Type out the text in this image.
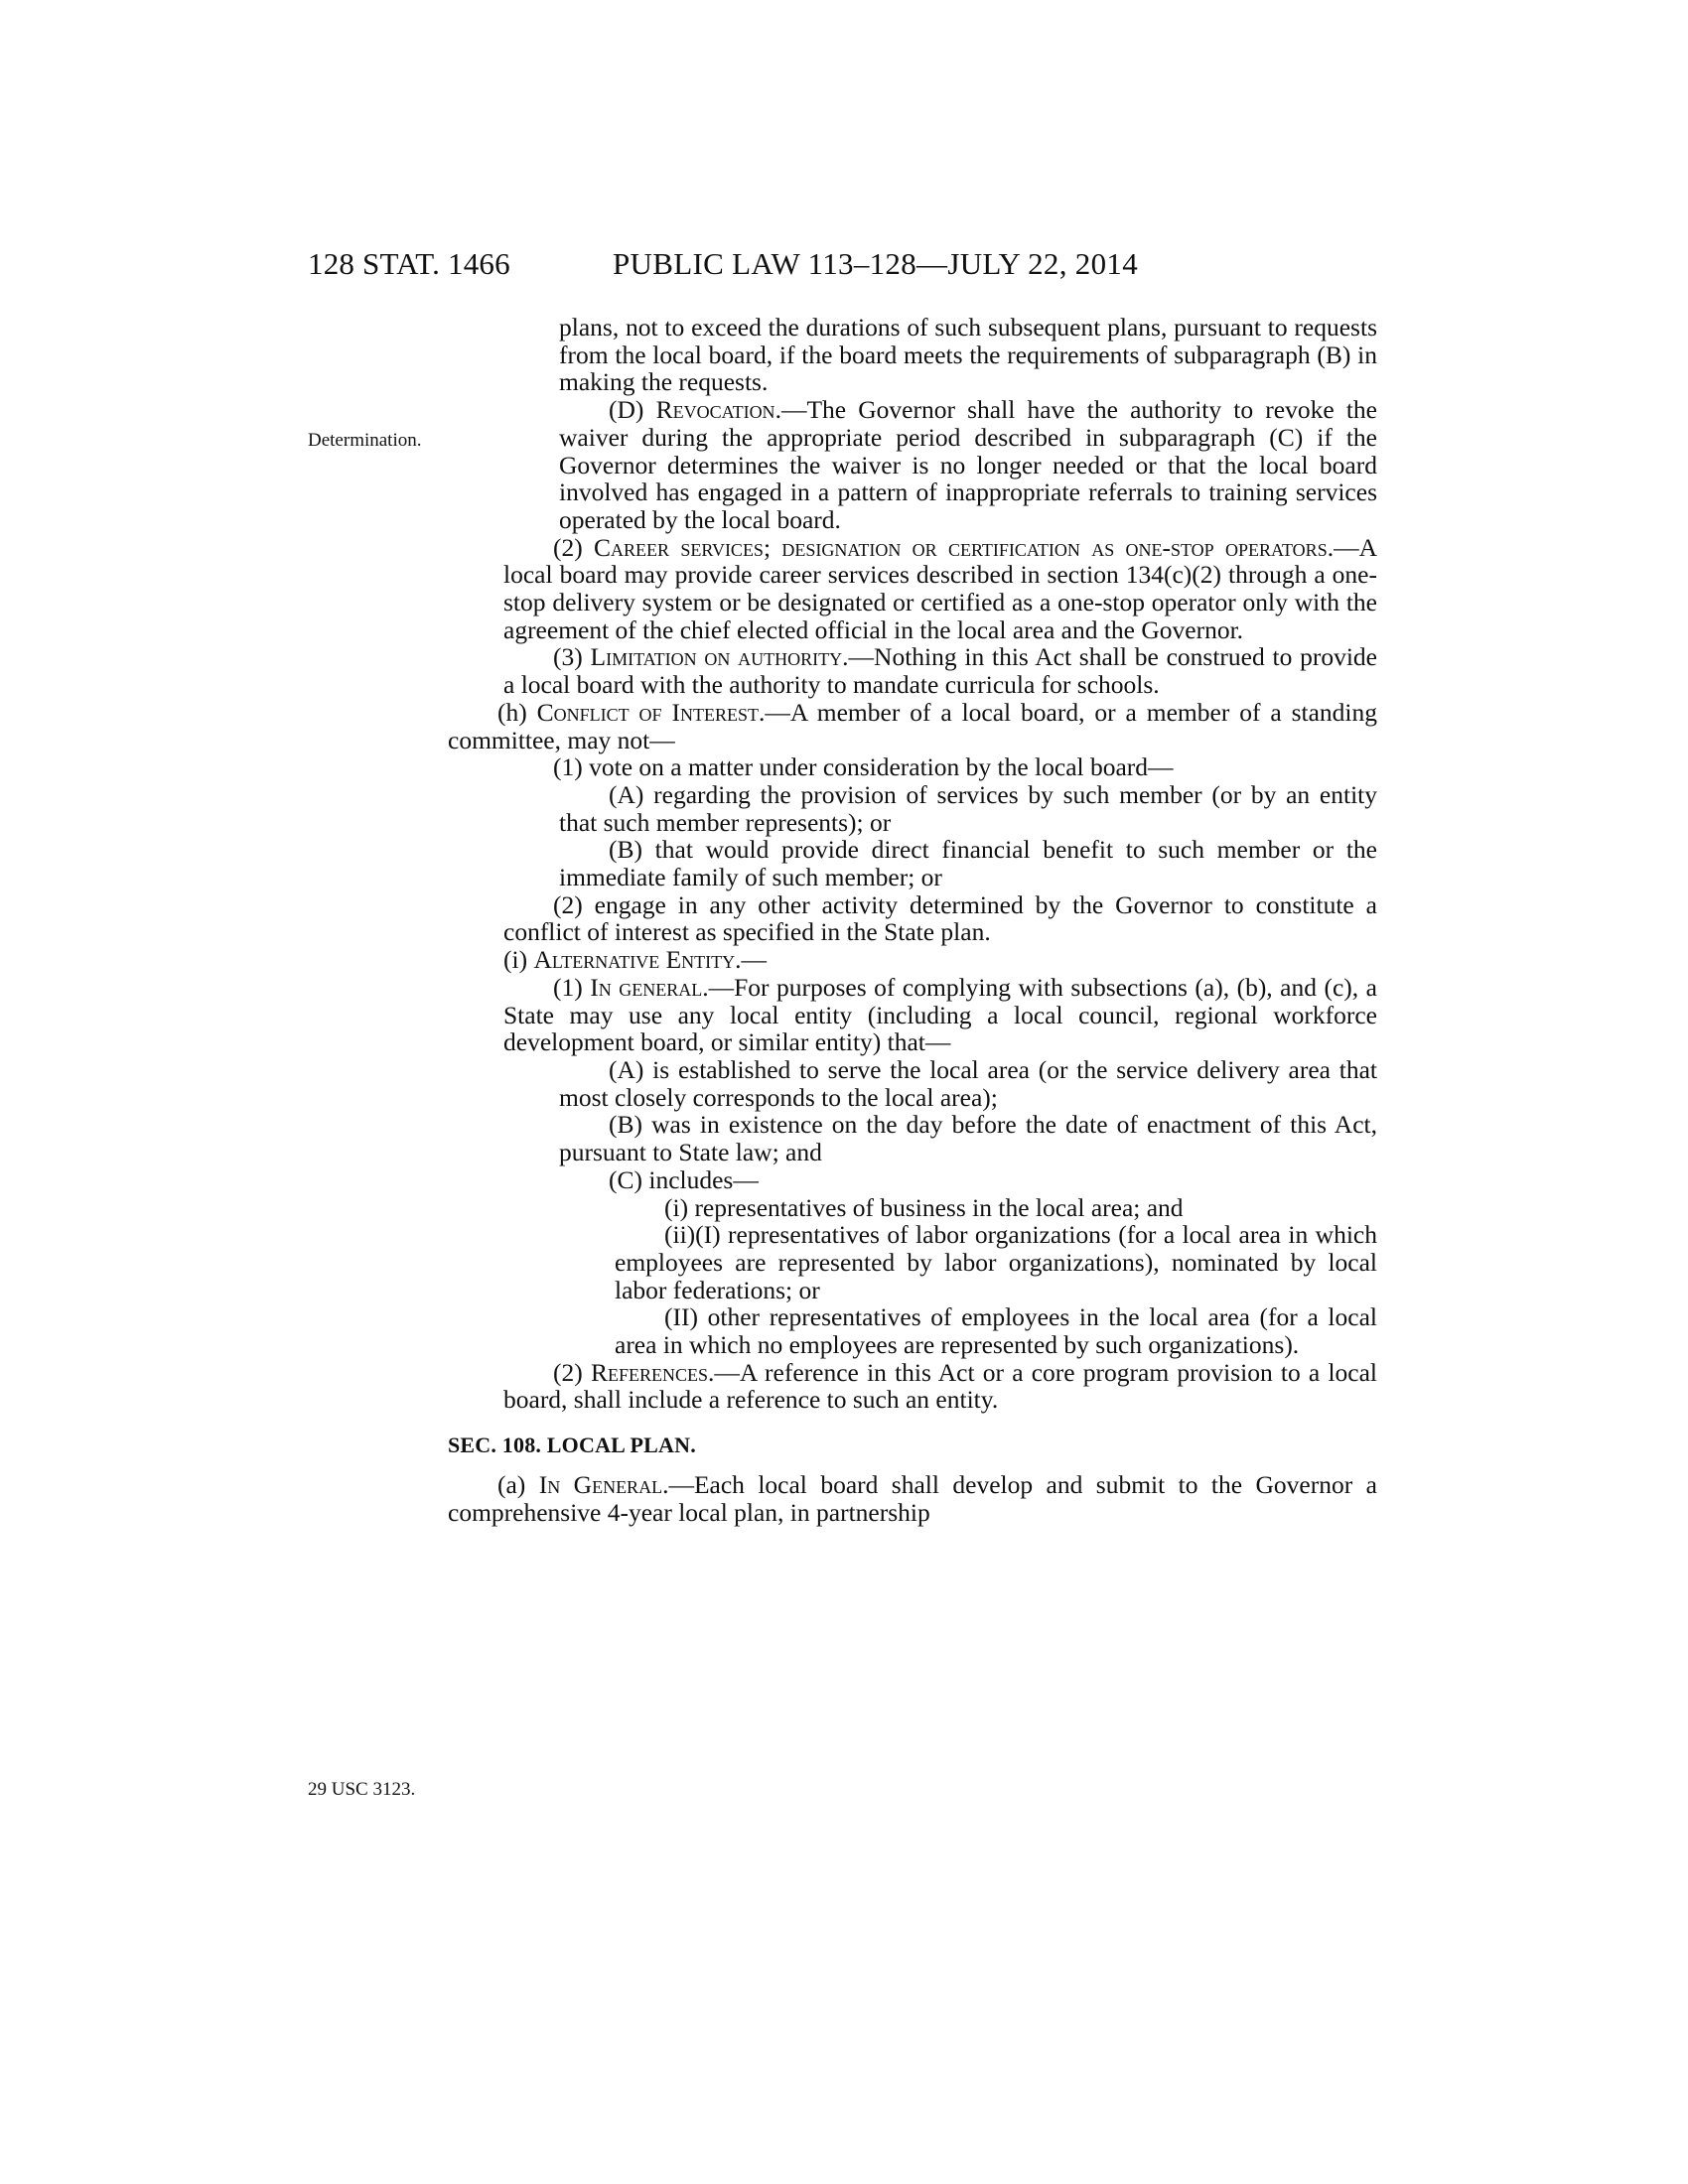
128 STAT. 1466	PUBLIC LAW 113–128—JULY 22, 2014
Determination.
29 USC 3123.

plans, not to exceed the durations of such subsequent plans, pursuant to requests from the local board, if the board meets the requirements of subparagraph (B) in making the requests.

(D) Revocation.—The Governor shall have the authority to revoke the waiver during the appropriate period described in subparagraph (C) if the Governor determines the waiver is no longer needed or that the local board involved has engaged in a pattern of inappropriate referrals to training services operated by the local board.

(2) Career services; designation or certification as one-stop operators.—A local board may provide career services described in section 134(c)(2) through a one-stop delivery system or be designated or certified as a one-stop operator only with the agreement of the chief elected official in the local area and the Governor.

(3) Limitation on authority.—Nothing in this Act shall be construed to provide a local board with the authority to mandate curricula for schools.

(h) Conflict of Interest.—A member of a local board, or a member of a standing committee, may not—

(1) vote on a matter under consideration by the local board—

(A) regarding the provision of services by such member (or by an entity that such member represents); or

(B) that would provide direct financial benefit to such member or the immediate family of such member; or

(2) engage in any other activity determined by the Governor to constitute a conflict of interest as specified in the State plan.

(i) Alternative Entity.—

(1) In general.—For purposes of complying with subsections (a), (b), and (c), a State may use any local entity (including a local council, regional workforce development board, or similar entity) that—

(A) is established to serve the local area (or the service delivery area that most closely corresponds to the local area);

(B) was in existence on the day before the date of enactment of this Act, pursuant to State law; and

(C) includes—

(i) representatives of business in the local area; and

(ii)(I) representatives of labor organizations (for a local area in which employees are represented by labor organizations), nominated by local labor federations; or

(II) other representatives of employees in the local area (for a local area in which no employees are represented by such organizations).

(2) References.—A reference in this Act or a core program provision to a local board, shall include a reference to such an entity.

SEC. 108. LOCAL PLAN.

(a) In General.—Each local board shall develop and submit to the Governor a comprehensive 4-year local plan, in partnership
